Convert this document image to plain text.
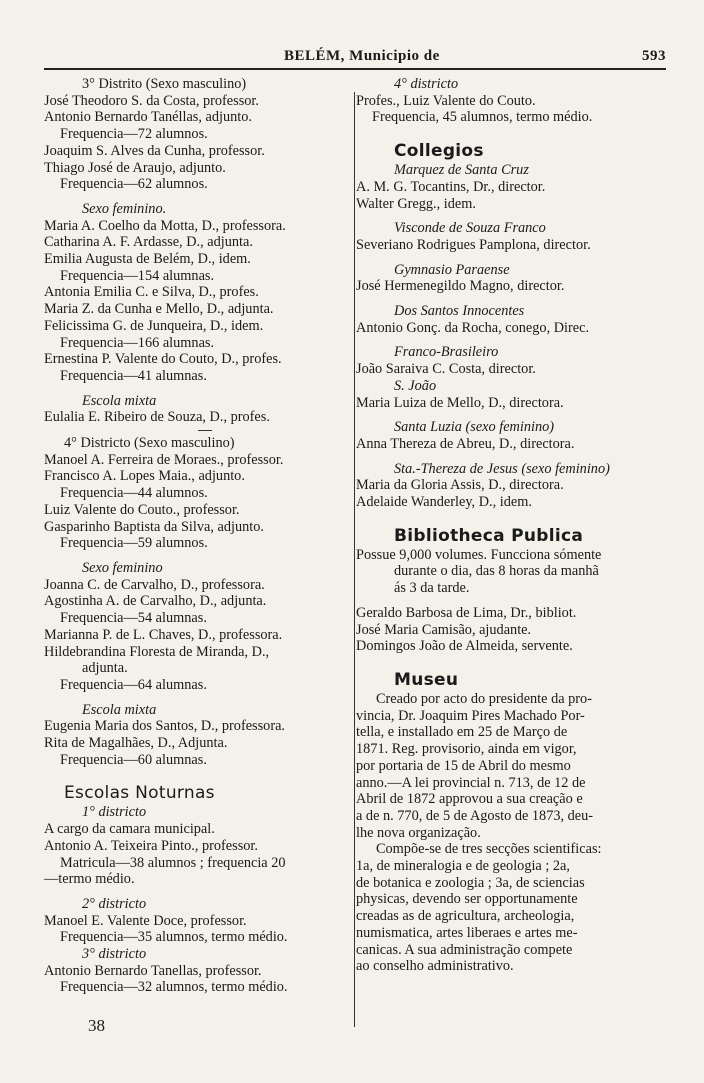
BELÉM, Municipio de	593
3° Distrito (Sexo masculino)
José Theodoro S. da Costa, professor.
Antonio Bernardo Tanéllas, adjunto.
Frequencia—72 alumnos.
Joaquim S. Alves da Cunha, professor.
Thiago José de Araujo, adjunto.
Frequencia—62 alumnos.
Sexo feminino.
Maria A. Coelho da Motta, D., professora.
Catharina A. F. Ardasse, D., adjunta.
Emilia Augusta de Belém, D., idem.
Frequencia—154 alumnas.
Antonia Emilia C. e Silva, D., profes.
Maria Z. da Cunha e Mello, D., adjunta.
Felicissima G. de Junqueira, D., idem.
Frequencia—166 alumnas.
Ernestina P. Valente do Couto, D., profes.
Frequencia—41 alumnas.
Escola mixta
Eulalia E. Ribeiro de Souza, D., profes.
4° Districto (Sexo masculino)
Manoel A. Ferreira de Moraes., professor.
Francisco A. Lopes Maia., adjunto.
Frequencia—44 alumnos.
Luiz Valente do Couto., professor.
Gasparinho Baptista da Silva, adjunto.
Frequencia—59 alumnos.
Sexo feminino
Joanna C. de Carvalho, D., professora.
Agostinha A. de Carvalho, D., adjunta.
Frequencia—54 alumnas.
Marianna P. de L. Chaves, D., professora.
Hildebrandina Floresta de Miranda, D.,
adjunta.
Frequencia—64 alumnas.
Escola mixta
Eugenia Maria dos Santos, D., professora.
Rita de Magalhães, D., Adjunta.
Frequencia—60 alumnas.
Escolas Noturnas
1° districto
A cargo da camara municipal.
Antonio A. Teixeira Pinto., professor.
Matricula—38 alumnos ; frequencia 20
—termo médio.
2° districto
Manoel E. Valente Doce, professor.
Frequencia—35 alumnos, termo médio.
3° districto
Antonio Bernardo Tanellas, professor.
Frequencia—32 alumnos, termo médio.
4° districto
Profes., Luiz Valente do Couto.
Frequencia, 45 alumnos, termo médio.
Collegios
Marquez de Santa Cruz
A. M. G. Tocantins, Dr., director.
Walter Gregg., idem.
Visconde de Souza Franco
Severiano Rodrigues Pamplona, director.
Gymnasio Paraense
José Hermenegildo Magno, director.
Dos Santos Innocentes
Antonio Gonç. da Rocha, conego, Direc.
Franco-Brasileiro
João Saraiva C. Costa, director.
S. João
Maria Luiza de Mello, D., directora.
Santa Luzia (sexo feminino)
Anna Thereza de Abreu, D., directora.
Sta.-Thereza de Jesus (sexo feminino)
Maria da Gloria Assis, D., directora.
Adelaide Wanderley, D., idem.
Bibliotheca Publica
Possue 9,000 volumes. Funcciona sómente
durante o dia, das 8 horas da manhã
ás 3 da tarde.
Geraldo Barbosa de Lima, Dr., bibliot.
José Maria Camisão, ajudante.
Domingos João de Almeida, servente.
Museu
Creado por acto do presidente da pro-
vincia, Dr. Joaquim Pires Machado Por-
tella, e installado em 25 de Março de
1871. Reg. provisorio, ainda em vigor,
por portaria de 15 de Abril do mesmo
anno.—A lei provincial n. 713, de 12 de
Abril de 1872 approvou a sua creação e
a de n. 770, de 5 de Agosto de 1873, deu-
lhe nova organização.
Compõe-se de tres secções scientificas:
1a, de mineralogia e de geologia ; 2a,
de botanica e zoologia ; 3a, de sciencias
physicas, devendo ser opportunamente
creadas as de agricultura, archeologia,
numismatica, artes liberaes e artes me-
canicas. A sua administração compete
ao conselho administrativo.
38
